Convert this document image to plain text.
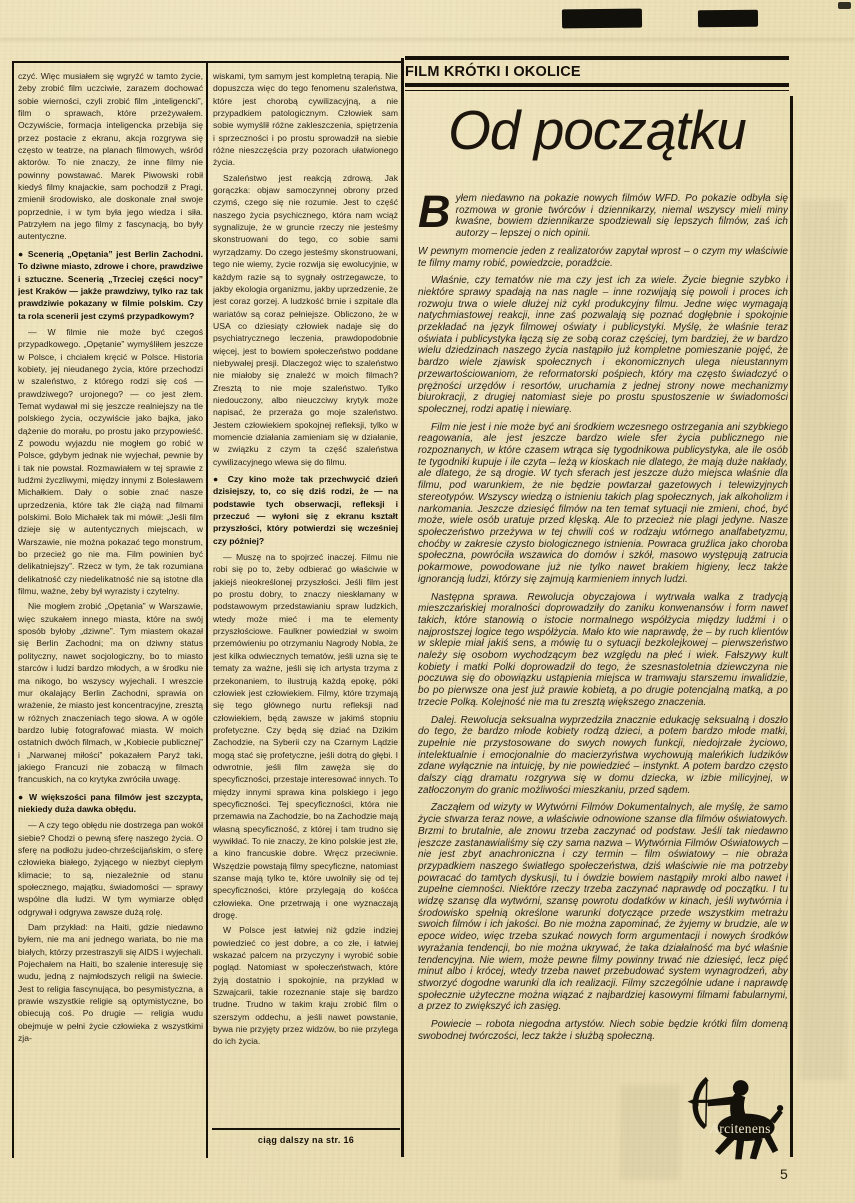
czyć. Więc musiałem się wgryźć w tamto życie, żeby zrobić film uczciwie, zarazem dochować sobie wierności, czyli zrobić film „inteligencki”, film o sprawach, które przeżywałem. Oczywiście, formacja inteligencka przebija się przez postacie z ekranu, akcja rozgrywa się często w teatrze, na planach filmowych, wśród aktorów. To nie znaczy, że inne filmy nie powinny powstawać. Marek Piwowski robił kiedyś filmy knajackie, sam pochodził z Pragi, zmienił środowisko, ale doskonale znał swoje poprzednie, i w tym była jego wiedza i siła. Patrzyłem na jego filmy z fascynacją, bo były autentyczne.

● Scenerią „Opętania” jest Berlin Zachodni. To dziwne miasto, zdrowe i chore, prawdziwe i sztuczne. Scenerią „Trzeciej części nocy” jest Kraków — jakże prawdziwy, tylko raz tak prawdziwie pokazany w filmie polskim. Czy ta rola scenerii jest czymś przypadkowym?

— W filmie nie może być czegoś przypadkowego. „Opętanie” wymyśliłem jeszcze w Polsce, i chciałem kręcić w Polsce. Historia kobiety, jej nieudanego życia, które przechodzi w szaleństwo, z którego rodzi się coś — prawdziwego? urojonego? — co jest złem. Temat wydawał mi się jeszcze realniejszy na tle polskiego życia, oczywiście jako bajka, jako dążenie do morału, po prostu jako przypowieść. Z powodu wyjazdu nie mogłem go robić w Polsce, gdybym jednak nie wyjechał, pewnie by i tak nie powstał. Rozmawiałem w tej sprawie z ludźmi życzliwymi, między innymi z Bolesławem Michałkiem. Dały o sobie znać nasze uprzedzenia, które tak źle ciążą nad filmami polskimi. Bolo Michałek tak mi mówił: „Jeśli film dzieje się w autentycznych miejscach, w Warszawie, nie można pokazać tego monstrum, bo przecież go nie ma. Film powinien być delikatniejszy”. Rzecz w tym, że tak rozumiana delikatność czy niedelikatność nie są istotne dla filmu, ważne, żeby był wyrazisty i czytelny.

Nie mogłem zrobić „Opętania” w Warszawie, więc szukałem innego miasta, które na swój sposób byłoby „dziwne”. Tym miastem okazał się Berlin Zachodni; ma on dziwny status polityczny, nawet socjologiczny, bo to miasto starców i ludzi bardzo młodych, a w środku nie ma nikogo, bo wszyscy wyjechali. I wreszcie mur okalający Berlin Zachodni, sprawia on wrażenie, że miasto jest koncentracyjne, zresztą w różnych znaczeniach tego słowa. A w ogóle bardzo lubię fotografować miasta. W moich ostatnich dwóch filmach, w „Kobiecie publicznej” i „Narwanej miłości” pokazałem Paryż taki, jakiego Francuzi nie zobaczą w filmach francuskich, na co krytyka zwróciła uwagę.

● W większości pana filmów jest szczypta, niekiedy duża dawka obłędu.

— A czy tego obłędu nie dostrzega pan wokół siebie? Chodzi o pewną sferę naszego życia. O sferę na podłożu judeo-chrześcijańskim, o sferę człowieka białego, żyjącego w niezbyt ciepłym klimacie; to są, niezależnie od stanu społecznego, majątku, świadomości — sprawy wspólne dla ludzi. W tym wymiarze obłęd odgrywał i odgrywa zawsze dużą rolę.

Dam przykład: na Haiti, gdzie niedawno byłem, nie ma ani jednego wariata, bo nie ma białych, którzy przestraszyli się AIDS i wyjechali. Pojechałem na Haiti, bo szalenie interesuję się wudu, jedną z najmłodszych religii na świecie. Jest to religia fascynująca, bo pesymistyczna, a prawie wszystkie religie są optymistyczne, bo obiecują coś. Po drugie — religia wudu obejmuje w pełni życie człowieka z wszystkimi zja-

wiskami, tym samym jest kompletną terapią. Nie dopuszcza więc do tego fenomenu szaleństwa, które jest chorobą cywilizacyjną, a nie przypadkiem patologicznym. Człowiek sam sobie wymyślił różne zakleszczenia, spiętrzenia i sprzeczności i po prostu sprowadził na siebie różne nieszczęścia przy pozorach ułatwionego życia.

Szaleństwo jest reakcją zdrową. Jak gorączka: objaw samoczynnej obrony przed czymś, czego się nie rozumie. Jest to część naszego życia psychicznego, która nam wciąż sygnalizuje, że w gruncie rzeczy nie jesteśmy skonstruowani do tego, co sobie sami wyrządzamy. Do czego jesteśmy skonstruowani, tego nie wiemy, życie rozwija się ewolucyjnie, w każdym razie są to sygnały ostrzegawcze, to jakby ekologia organizmu, jakby uprzedzenie, że jest coraz gorzej. A ludzkość brnie i szpitale dla wariatów są coraz pełniejsze. Obliczono, że w USA co dziesiąty człowiek nadaje się do psychiatrycznego leczenia, prawdopodobnie więcej, jest to bowiem społeczeństwo poddane niebywałej presji. Dlaczegoż więc to szaleństwo nie miałoby się znaleźć w moich filmach? Zresztą to nie moje szaleństwo. Tylko niedouczony, albo nieuczciwy krytyk może napisać, że przeraża go moje szaleństwo. Jestem człowiekiem spokojnej refleksji, tylko w momencie działania zamieniam się w działanie, w związku z czym ta część szaleństwa cywilizacyjnego wlewa się do filmu.

● Czy kino może tak przechwycić dzień dzisiejszy, to, co się dziś rodzi, że — na podstawie tych obserwacji, refleksji i przeczuć — wyłoni się z ekranu kształt przyszłości, który potwierdzi się wcześniej czy później?

— Muszę na to spojrzeć inaczej. Filmu nie robi się po to, żeby odbierać go właściwie w jakiejś nieokreślonej przyszłości. Jeśli film jest po prostu dobry, to znaczy nieskłamany w podstawowym przedstawianiu spraw ludzkich, wtedy może mieć i ma te elementy przyszłościowe. Faulkner powiedział w swoim przemówieniu po otrzymaniu Nagrody Nobla, że jest kilka odwiecznych tematów, jeśli uzna się te tematy za ważne, jeśli się ich artysta trzyma z przekonaniem, to ilustrują każdą epokę, póki człowiek jest człowiekiem. Filmy, które trzymają się tego głównego nurtu refleksji nad człowiekiem, będą zawsze w jakimś stopniu profetyczne. Czy będą się dziać na Dzikim Zachodzie, na Syberii czy na Czarnym Lądzie mogą stać się profetyczne, jeśli dotrą do głębi. I odwrotnie, jeśli film zawęża się do specyficzności, przestaje interesować innych. To między innymi sprawa kina polskiego i jego specyficzności. Tej specyficzności, która nie przemawia na Zachodzie, bo na Zachodzie mają własną specyficzność, z której i tam trudno się wywikłać. To nie znaczy, że kino polskie jest złe, a kino francuskie dobre. Wręcz przeciwnie. Wszędzie powstają filmy specyficzne, natomiast szanse mają tylko te, które uwolniły się od tej specyficzności, które przylegają do kośćca człowieka. One przetrwają i one wyznaczają drogę.

W Polsce jest łatwiej niż gdzie indziej powiedzieć co jest dobre, a co złe, i łatwiej wskazać palcem na przyczyny i wyrobić sobie pogląd. Natomiast w społeczeństwach, które żyją dostatnio i spokojnie, na przykład w Szwajcarii, takie rozeznanie staje się bardzo trudne. Trudno w takim kraju zrobić film o szerszym oddechu, a jeśli nawet powstanie, bywa nie przyjęty przez widzów, bo nie przylega do ich życia.

ciąg dalszy na str. 16
FILM KRÓTKI I OKOLICE
Od początku

Byłem niedawno na pokazie nowych filmów WFD. Po pokazie odbyła się rozmowa w gronie twórców i dziennikarzy, niemal wszyscy mieli miny kwaśne, bowiem dziennikarze spodziewali się lepszych filmów, zaś ich autorzy – lepszej o nich opinii.

W pewnym momencie jeden z realizatorów zapytał wprost – o czym my właściwie te filmy mamy robić, powiedzcie, poradźcie.

Właśnie, czy tematów nie ma czy jest ich za wiele. Życie biegnie szybko i niektóre sprawy spadają na nas nagle – inne rozwijają się powoli i proces ich rozwoju trwa o wiele dłużej niż cykl produkcyjny filmu. Jedne więc wymagają natychmiastowej reakcji, inne zaś pozwalają się poznać dogłębnie i spokojnie przekładać na język filmowej oświaty i publicystyki. Myślę, że właśnie teraz oświata i publicystyka łączą się ze sobą coraz częściej, tym bardziej, że w bardzo wielu dziedzinach naszego życia nastąpiło już kompletne pomieszanie pojęć, że bardzo wiele zjawisk społecznych i ekonomicznych ulega nieustannym przewartościowaniom, że reformatorski pośpiech, który ma często świadczyć o prężności urzędów i resortów, uruchamia z jednej strony nowe mechanizmy biurokracji, z drugiej natomiast sieje po prostu spustoszenie w świadomości społecznej, rodzi apatię i niewiarę.

Film nie jest i nie może być ani środkiem wczesnego ostrzegania ani szybkiego reagowania, ale jest jeszcze bardzo wiele sfer życia publicznego nie rozpoznanych, w które czasem wtrąca się tygodnikowa publicystyka, ale ile osób te tygodniki kupuje i ile czyta – leżą w kioskach nie dlatego, że mają duże nakłady, ale dlatego, że są drogie. W tych sferach jest jeszcze dużo miejsca właśnie dla filmu, pod warunkiem, że nie będzie powtarzał gazetowych i telewizyjnych stereotypów. Wszyscy wiedzą o istnieniu takich plag społecznych, jak alkoholizm i narkomania. Jeszcze dziesięć filmów na ten temat sytuacji nie zmieni, choć, być może, wiele osób uratuje przed klęską. Ale to przecież nie plagi jedyne. Nasze społeczeństwo przeżywa w tej chwili coś w rodzaju wtórnego analfabetyzmu, choćby w zakresie czysto biologicznego istnienia. Powraca gruźlica jako choroba społeczna, powróciła wszawica do domów i szkół, masowo występują zatrucia pokarmowe, powodowane już nie tylko nawet brakiem higieny, lecz także ignorancją ludzi, którzy się zajmują karmieniem innych ludzi.

Następna sprawa. Rewolucja obyczajowa i wytrwała walka z tradycją mieszczańskiej moralności doprowadziły do zaniku konwenansów i form nawet takich, które stanowią o istocie normalnego współżycia między ludźmi i o najprostszej logice tego współżycia. Mało kto wie naprawdę, że – by ruch klientów w sklepie miał jakiś sens, a mówię tu o sytuacji bezkolejkowej – pierwszeństwo należy się osobom wychodzącym bez względu na płeć i wiek. Fałszywy kult kobiety i matki Polki doprowadził do tego, że szesnastoletnia dziewczyna nie poczuwa się do obowiązku ustąpienia miejsca w tramwaju starszemu inwalidzie, bo po pierwsze ona jest już prawie kobietą, a po drugie potencjalną matką, a po trzecie Polką. Kolejność nie ma tu zresztą większego znaczenia.

Dalej. Rewolucja seksualna wyprzedziła znacznie edukację seksualną i doszło do tego, że bardzo młode kobiety rodzą dzieci, a potem bardzo młode matki, zupełnie nie przystosowane do swych nowych funkcji, niedojrzałe życiowo, intelektualnie i emocjonalnie do macierzyństwa wychowują maleńkich ludzików zdane wyłącznie na intuicję, by nie powiedzieć – instynkt. A potem bardzo często dalszy ciąg dramatu rozgrywa się w domu dziecka, w izbie milicyjnej, w zatłoczonym do granic możliwości mieszkaniu, przed sądem.

Zacząłem od wizyty w Wytwórni Filmów Dokumentalnych, ale myślę, że samo życie stwarza teraz nowe, a właściwie odnowione szanse dla filmów oświatowych. Brzmi to brutalnie, ale znowu trzeba zaczynać od podstaw. Jeśli tak niedawno jeszcze zastanawialiśmy się czy sama nazwa – Wytwórnia Filmów Oświatowych – nie jest zbyt anachroniczna i czy termin – film oświatowy – nie obraża przypadkiem naszego światłego społeczeństwa, dziś właściwie nie ma potrzeby powracać do tamtych dyskusji, tu i ówdzie bowiem nastąpiły mroki albo nawet i zupełne ciemności. Niektóre rzeczy trzeba zaczynać naprawdę od początku. I tu widzę szansę dla wytwórni, szansę powrotu dodatków w kinach, jeśli wytwórnia i środowisko spełnią określone warunki dotyczące przede wszystkim metrażu swoich filmów i ich jakości. Bo nie można zapominać, że żyjemy w brudzie, ale w epoce wideo, więc trzeba szukać nowych form argumentacji i nowych środków wyrażania tendencji, bo nie można ukrywać, że taka działalność ma być właśnie tendencyjna. Nie wiem, może pewne filmy powinny trwać nie dziesięć, lecz pięć minut albo i krócej, wtedy trzeba nawet przebudować system wynagrodzeń, aby stworzyć dogodne warunki dla ich realizacji. Filmy szczególnie udane i naprawdę społecznie użyteczne można wiązać z najbardziej kasowymi filmami fabularnymi, a przez to zwiększyć ich zasięg.

Powiecie – robota niegodna artystów. Niech sobie będzie krótki film domeną swobodnej twórczości, lecz także i służbą społeczną.

Arcitenens
5
